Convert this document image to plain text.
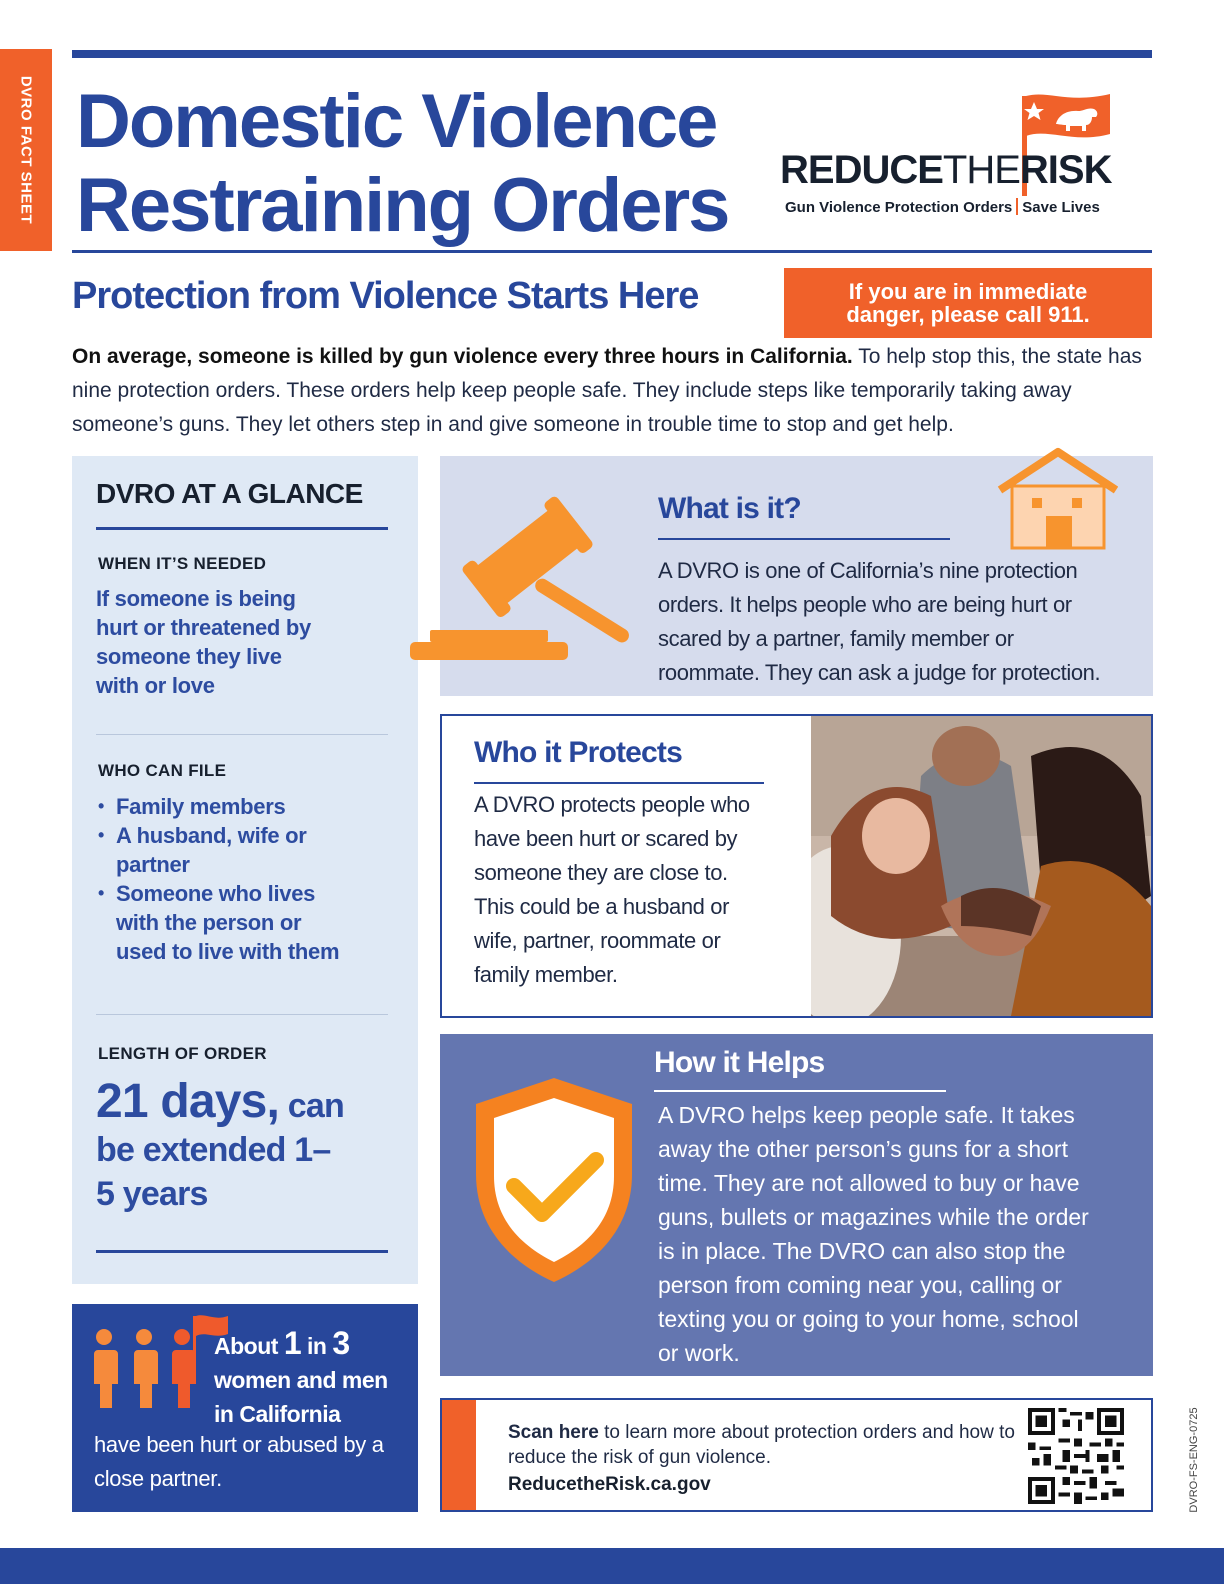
DVRO FACT SHEET Domestic Violence
Restraining Orders REDUCETHERISK
Gun Violence Protection Orders Save Lives
Protection from Violence Starts Here	If you are in immediate
danger, please call 911.

On average, someone is killed by gun violence every three hours in California. To help stop this, the state has nine protection orders. These orders help keep people safe. They include steps like temporarily taking away someone’s guns. They let others step in and give someone in trouble time to stop and get help.

DVRO AT A GLANCE
WHEN IT’S NEEDED
If someone is being
hurt or threatened by
someone they live
with or love
WHO CAN FILE
• Family members
• A husband, wife or
partner
• Someone who lives
with the person or
used to live with them
LENGTH OF ORDER
21 days, can
be extended 1–
5 years
About 1 in 3
women and men
in California
have been hurt or abused by a close partner.
What is it?
A DVRO is one of California’s nine protection
orders. It helps people who are being hurt or
scared by a partner, family member or
roommate. They can ask a judge for protection.
Who it Protects
A DVRO protects people who
have been hurt or scared by
someone they are close to.
This could be a husband or
wife, partner, roommate or
family member.
How it Helps
A DVRO helps keep people safe. It takes
away the other person’s guns for a short
time. They are not allowed to buy or have
guns, bullets or magazines while the order
is in place. The DVRO can also stop the
person from coming near you, calling or
texting you or going to your home, school
or work.
Scan here to learn more about protection orders and how to reduce the risk of gun violence.
ReducetheRisk.ca.gov	DVRO-FS-ENG-0725
